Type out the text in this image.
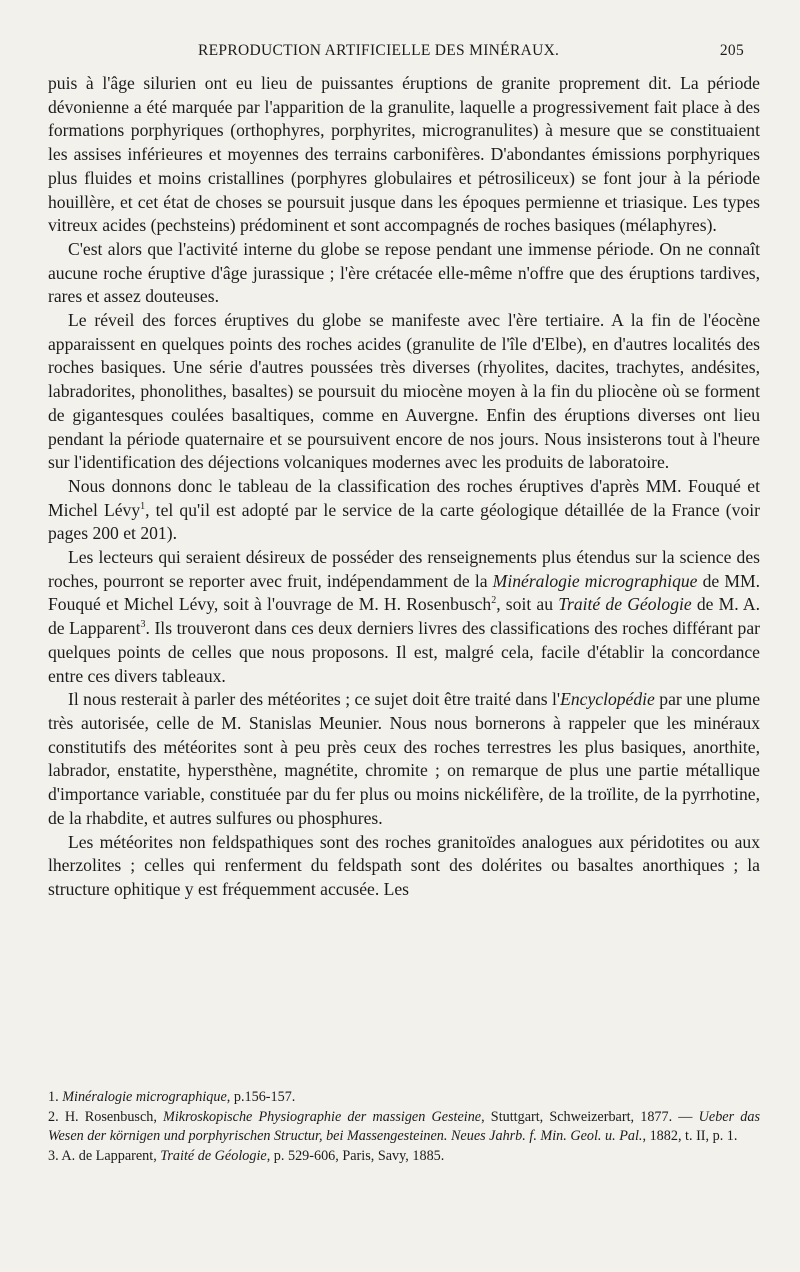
REPRODUCTION ARTIFICIELLE DES MINÉRAUX.	205

puis à l'âge silurien ont eu lieu de puissantes éruptions de granite proprement dit. La période dévonienne a été marquée par l'apparition de la granulite, laquelle a progressivement fait place à des formations porphyriques (orthophyres, porphyrites, microgranulites) à mesure que se constituaient les assises inférieures et moyennes des terrains carbonifères. D'abondantes émissions porphyriques plus fluides et moins cristallines (porphyres globulaires et pétrosiliceux) se font jour à la période houillère, et cet état de choses se poursuit jusque dans les époques permienne et triasique. Les types vitreux acides (pechsteins) prédominent et sont accompagnés de roches basiques (mélaphyres).

C'est alors que l'activité interne du globe se repose pendant une immense période. On ne connaît aucune roche éruptive d'âge jurassique ; l'ère crétacée elle-même n'offre que des éruptions tardives, rares et assez douteuses.

Le réveil des forces éruptives du globe se manifeste avec l'ère tertiaire. A la fin de l'éocène apparaissent en quelques points des roches acides (granulite de l'île d'Elbe), en d'autres localités des roches basiques. Une série d'autres poussées très diverses (rhyolites, dacites, trachytes, andésites, labradorites, phonolithes, basaltes) se poursuit du miocène moyen à la fin du pliocène où se forment de gigantesques coulées basaltiques, comme en Auvergne. Enfin des éruptions diverses ont lieu pendant la période quaternaire et se poursuivent encore de nos jours. Nous insisterons tout à l'heure sur l'identification des déjections volcaniques modernes avec les produits de laboratoire.

Nous donnons donc le tableau de la classification des roches éruptives d'après MM. Fouqué et Michel Lévy$^1$, tel qu'il est adopté par le service de la carte géologique détaillée de la France (voir pages 200 et 201).

Les lecteurs qui seraient désireux de posséder des renseignements plus étendus sur la science des roches, pourront se reporter avec fruit, indépendamment de la Minéralogie micrographique de MM. Fouqué et Michel Lévy, soit à l'ouvrage de M. H. Rosenbusch$^2$, soit au Traité de Géologie de M. A. de Lapparent$^3$. Ils trouveront dans ces deux derniers livres des classifications des roches différant par quelques points de celles que nous proposons. Il est, malgré cela, facile d'établir la concordance entre ces divers tableaux.

Il nous resterait à parler des météorites ; ce sujet doit être traité dans l'Encyclopédie par une plume très autorisée, celle de M. Stanislas Meunier. Nous nous bornerons à rappeler que les minéraux constitutifs des météorites sont à peu près ceux des roches terrestres les plus basiques, anorthite, labrador, enstatite, hypersthène, magnétite, chromite ; on remarque de plus une partie métallique d'importance variable, constituée par du fer plus ou moins nickélifère, de la troïlite, de la pyrrhotine, de la rhabdite, et autres sulfures ou phosphures.

Les météorites non feldspathiques sont des roches granitoïdes analogues aux péridotites ou aux lherzolites ; celles qui renferment du feldspath sont des dolérites ou basaltes anorthiques ; la structure ophitique y est fréquemment accusée. Les

1. Minéralogie micrographique, p.156-157.

2. H. Rosenbusch, Mikroskopische Physiographie der massigen Gesteine, Stuttgart, Schweizerbart, 1877. — Ueber das Wesen der körnigen und porphyrischen Structur, bei Massengesteinen. Neues Jahrb. f. Min. Geol. u. Pal., 1882, t. II, p. 1.

3. A. de Lapparent, Traité de Géologie, p. 529-606, Paris, Savy, 1885.
